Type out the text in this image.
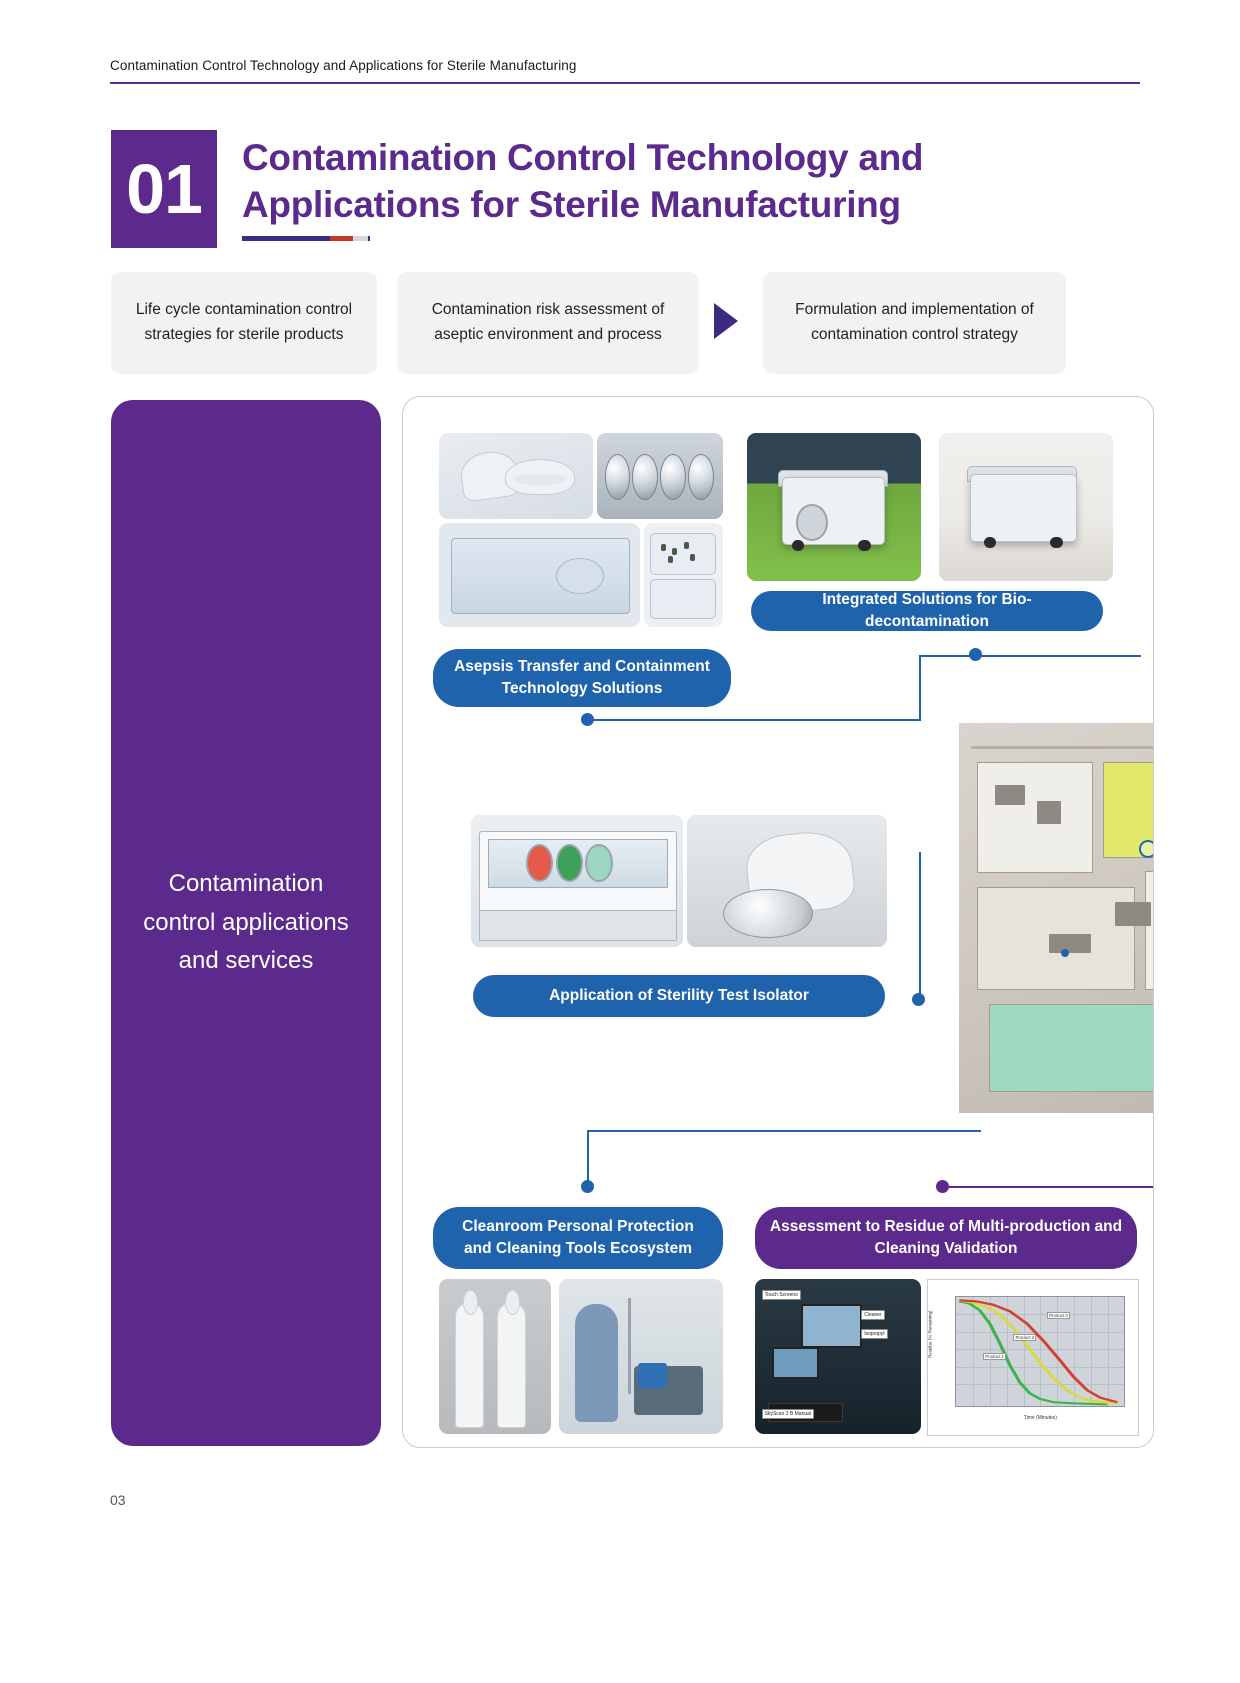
Contamination Control Technology and Applications for Sterile Manufacturing
01	Contamination Control Technology and Applications for Sterile Manufacturing
Life cycle contamination control strategies for sterile products
Contamination risk assessment of aseptic environment and process
Formulation and implementation of contamination control strategy
Contamination control applications and services
Touch Screens
Cleaner
Isopropyl
SkyScan 2 B Manual
Product 3
Product 2
Product 1
Time (Minutes)
Residue (% Remaining)
Asepsis Transfer and Containment Technology Solutions
Integrated Solutions for Bio-decontamination
Application of Sterility Test Isolator
Cleanroom Personal Protection and Cleaning Tools Ecosystem
Assessment to Residue of Multi-production and Cleaning Validation
03
